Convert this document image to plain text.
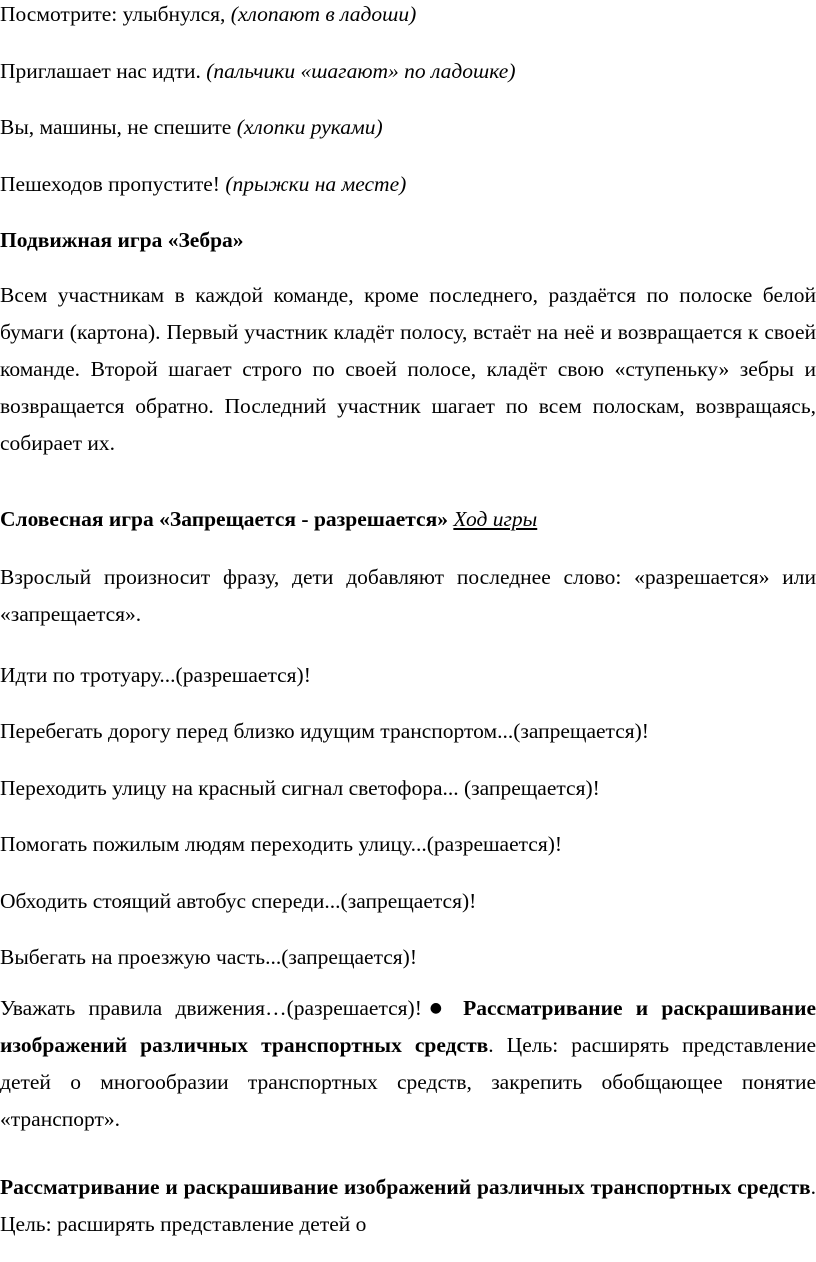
Посмотрите: улыбнулся, (хлопают в ладоши)

Приглашает нас идти. (пальчики «шагают» по ладошке)

Вы, машины, не спешите (хлопки руками)

Пешеходов пропустите! (прыжки на месте)

Подвижная игра «Зебра»

Всем участникам в каждой команде, кроме последнего, раздаётся по полоске белой бумаги (картона). Первый участник кладёт полосу, встаёт на неё и возвращается к своей команде. Второй шагает строго по своей полосе, кладёт свою «ступеньку» зебры и возвращается обратно. Последний участник шагает по всем полоскам, возвращаясь, собирает их.

Словесная игра «Запрещается - разрешается» Ход игры

Взрослый произносит фразу, дети добавляют последнее слово: «разрешается» или «запрещается».

Идти по тротуару...(разрешается)!

Перебегать дорогу перед близко идущим транспортом...(запрещается)!

Переходить улицу на красный сигнал светофора... (запрещается)!

Помогать пожилым людям переходить улицу...(разрешается)!

Обходить стоящий автобус спереди...(запрещается)!

Выбегать на проезжую часть...(запрещается)!

Уважать правила движения…(разрешается)!● Рассматривание и раскрашивание изображений различных транспортных средств. Цель: расширять представление детей о многообразии транспортных средств, закрепить обобщающее понятие «транспорт».

Рассматривание и раскрашивание изображений различных транспортных средств. Цель: расширять представление детей о
